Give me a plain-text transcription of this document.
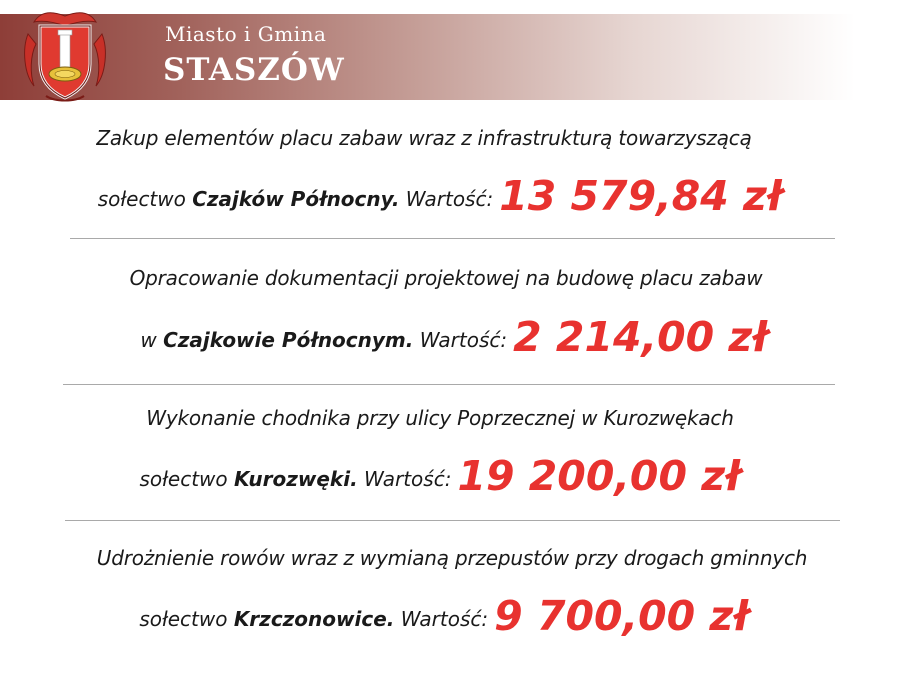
Miasto i Gmina
STASZÓW
Zakup elementów placu zabaw wraz z infrastrukturą towarzyszącą
sołectwo Czajków Północny. Wartość: 13 579,84 zł
Opracowanie dokumentacji projektowej na budowę placu zabaw
w Czajkowie Północnym. Wartość: 2 214,00 zł
Wykonanie chodnika przy ulicy Poprzecznej w Kurozwękach
sołectwo Kurozwęki. Wartość: 19 200,00 zł
Udrożnienie rowów wraz z wymianą przepustów przy drogach gminnych
sołectwo Krzczonowice. Wartość: 9 700,00 zł
